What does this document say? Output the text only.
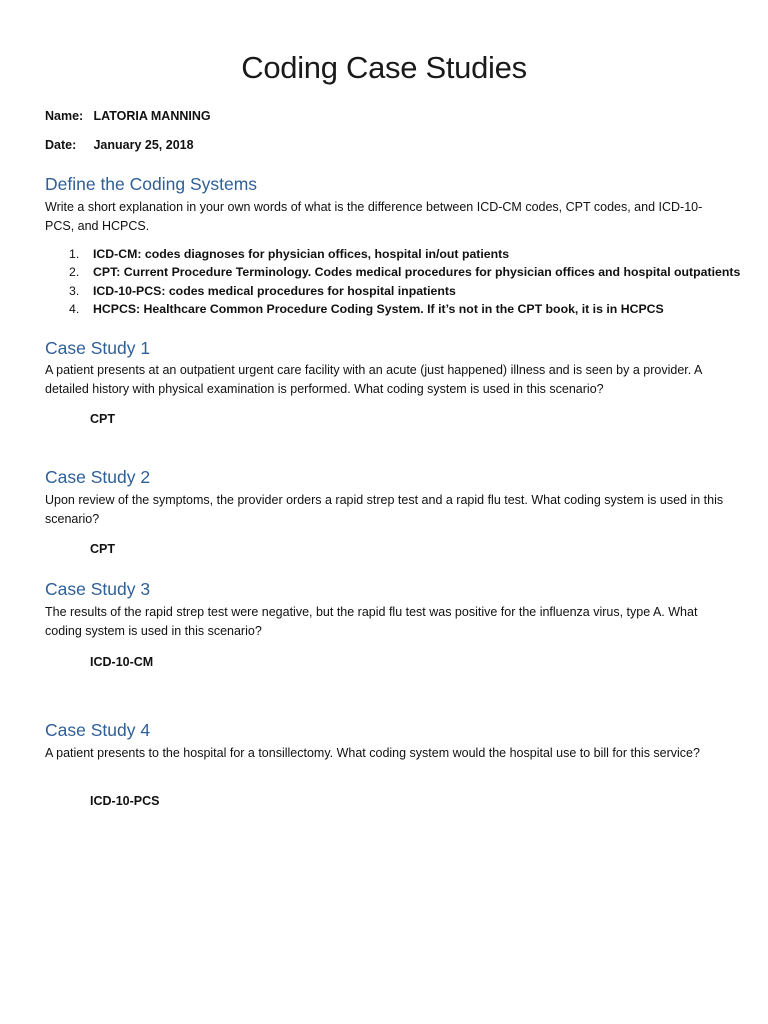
Coding Case Studies
Name: LATORIA MANNING
Date: January 25, 2018
Define the Coding Systems
Write a short explanation in your own words of what is the difference between ICD-CM codes, CPT codes, and ICD-10-PCS, and HCPCS.
1. ICD-CM: codes diagnoses for physician offices, hospital in/out patients
2. CPT: Current Procedure Terminology. Codes medical procedures for physician offices and hospital outpatients
3. ICD-10-PCS: codes medical procedures for hospital inpatients
4. HCPCS: Healthcare Common Procedure Coding System. If it’s not in the CPT book, it is in HCPCS
Case Study 1
A patient presents at an outpatient urgent care facility with an acute (just happened) illness and is seen by a provider. A detailed history with physical examination is performed. What coding system is used in this scenario?
CPT
Case Study 2
Upon review of the symptoms, the provider orders a rapid strep test and a rapid flu test. What coding system is used in this scenario?
CPT
Case Study 3
The results of the rapid strep test were negative, but the rapid flu test was positive for the influenza virus, type A. What coding system is used in this scenario?
ICD-10-CM
Case Study 4
A patient presents to the hospital for a tonsillectomy. What coding system would the hospital use to bill for this service?
ICD-10-PCS
